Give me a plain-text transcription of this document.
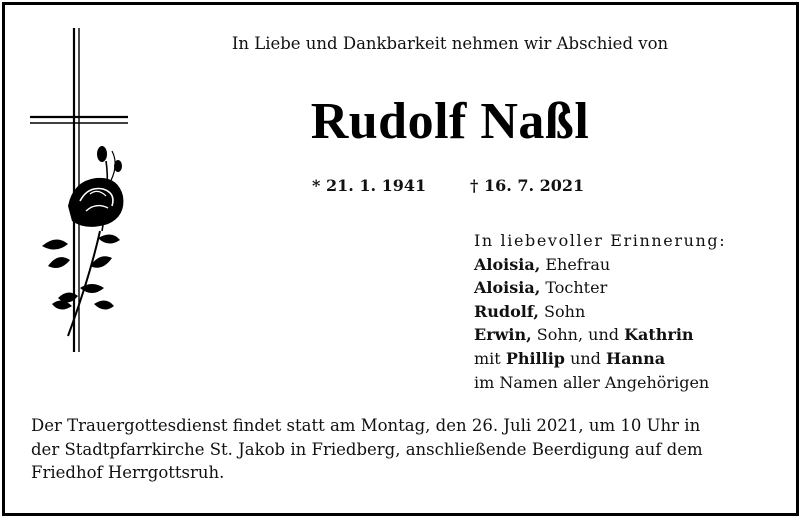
In Liebe und Dankbarkeit nehmen wir Abschied von
Rudolf Naßl
* 21. 1. 1941	† 16. 7. 2021
In liebevoller Erinnerung:
Aloisia, Ehefrau
Aloisia, Tochter
Rudolf, Sohn
Erwin, Sohn, und Kathrin
mit Phillip und Hanna
im Namen aller Angehörigen
Der Trauergottesdienst findet statt am Montag, den 26. Juli 2021, um 10 Uhr in
der Stadtpfarrkirche St. Jakob in Friedberg, anschließende Beerdigung auf dem
Friedhof Herrgottsruh.
